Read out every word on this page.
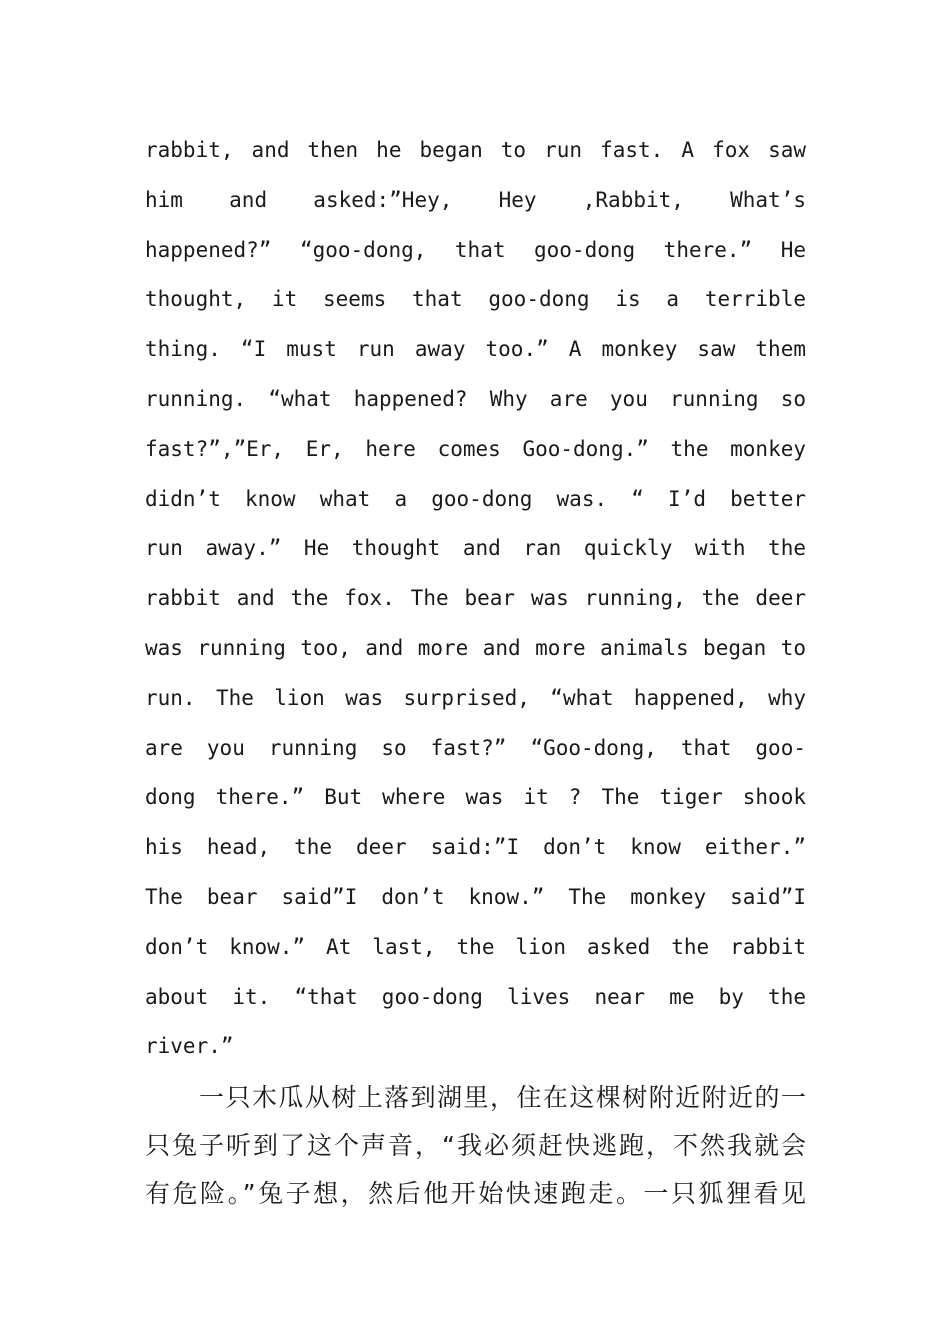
rabbit, and then he began to run fast. A fox saw
him and asked:”Hey, Hey ,Rabbit, What’s
happened?” “goo-dong, that goo-dong there.” He
thought, it seems that goo-dong is a terrible
thing. “I must run away too.” A monkey saw them
running. “what happened? Why are you running so
fast?”,”Er, Er, here comes Goo-dong.” the monkey
didn’t know what a goo-dong was. “ I’d better
run away.” He thought and ran quickly with the
rabbit and the fox. The bear was running, the deer
was running too, and more and more animals began to
run. The lion was surprised, “what happened, why
are you running so fast?” “Goo-dong, that goo-
dong there.” But where was it ? The tiger shook
his head, the deer said:”I don’t know either.”
The bear said”I don’t know.” The monkey said”I
don’t know.” At last, the lion asked the rabbit
about it. “that goo-dong lives near me by the
river.”
一只木瓜从树上落到湖里，住在这棵树附近附近的一
只兔子听到了这个声音，“我必须赶快逃跑，不然我就会
有危险。”兔子想，然后他开始快速跑走。一只狐狸看见
